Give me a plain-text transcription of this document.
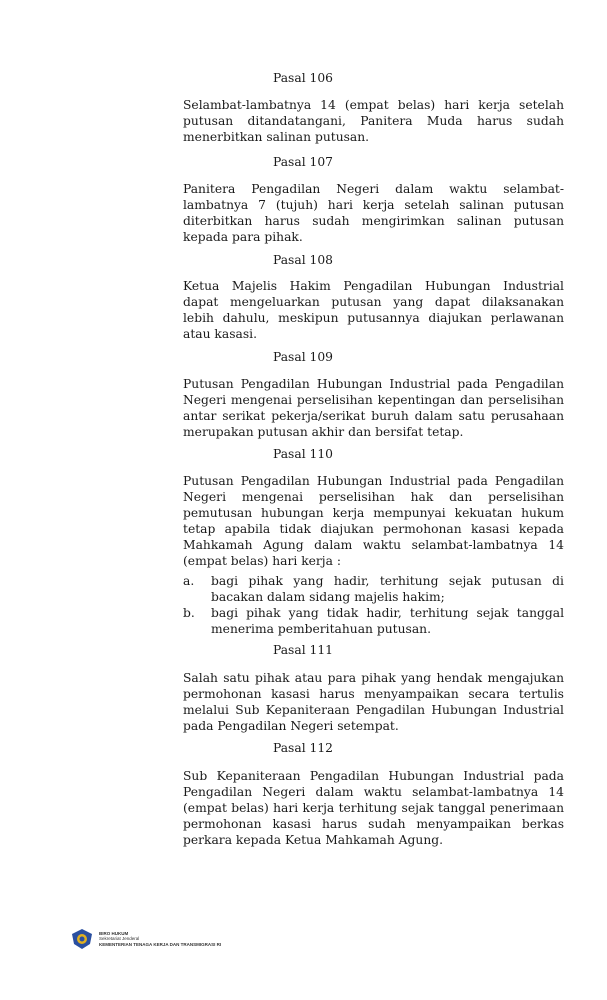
Pasal 106
Selambat-lambatnya 14 (empat belas) hari kerja setelah
putusan ditandatangani, Panitera Muda harus sudah
menerbitkan salinan putusan.
Pasal 107
Panitera Pengadilan Negeri dalam waktu selambat-
lambatnya 7 (tujuh) hari kerja setelah salinan putusan
diterbitkan harus sudah mengirimkan salinan putusan
kepada para pihak.
Pasal 108
Ketua Majelis Hakim Pengadilan Hubungan Industrial
dapat mengeluarkan putusan yang dapat dilaksanakan
lebih dahulu, meskipun putusannya diajukan perlawanan
atau kasasi.
Pasal 109
Putusan Pengadilan Hubungan Industrial pada Pengadilan
Negeri mengenai perselisihan kepentingan dan perselisihan
antar serikat pekerja/serikat buruh dalam satu perusahaan
merupakan putusan akhir dan bersifat tetap.
Pasal 110
Putusan Pengadilan Hubungan Industrial pada Pengadilan
Negeri mengenai perselisihan hak dan perselisihan
pemutusan hubungan kerja mempunyai kekuatan hukum
tetap apabila tidak diajukan permohonan kasasi kepada
Mahkamah Agung dalam waktu selambat-lambatnya 14
(empat belas) hari kerja :
a. bagi pihak yang hadir, terhitung sejak putusan di
bacakan dalam sidang majelis hakim;
b. bagi pihak yang tidak hadir, terhitung sejak tanggal
menerima pemberitahuan putusan.
Pasal 111
Salah satu pihak atau para pihak yang hendak mengajukan
permohonan kasasi harus menyampaikan secara tertulis
melalui Sub Kepaniteraan Pengadilan Hubungan Industrial
pada Pengadilan Negeri setempat.
Pasal 112
Sub Kepaniteraan Pengadilan Hubungan Industrial pada
Pengadilan Negeri dalam waktu selambat-lambatnya 14
(empat belas) hari kerja terhitung sejak tanggal penerimaan
permohonan kasasi harus sudah menyampaikan berkas
perkara kepada Ketua Mahkamah Agung.
BIRO HUKUM
Sekretariat Jenderal
KEMENTERIAN TENAGA KERJA DAN TRANSMIGRASI RI
